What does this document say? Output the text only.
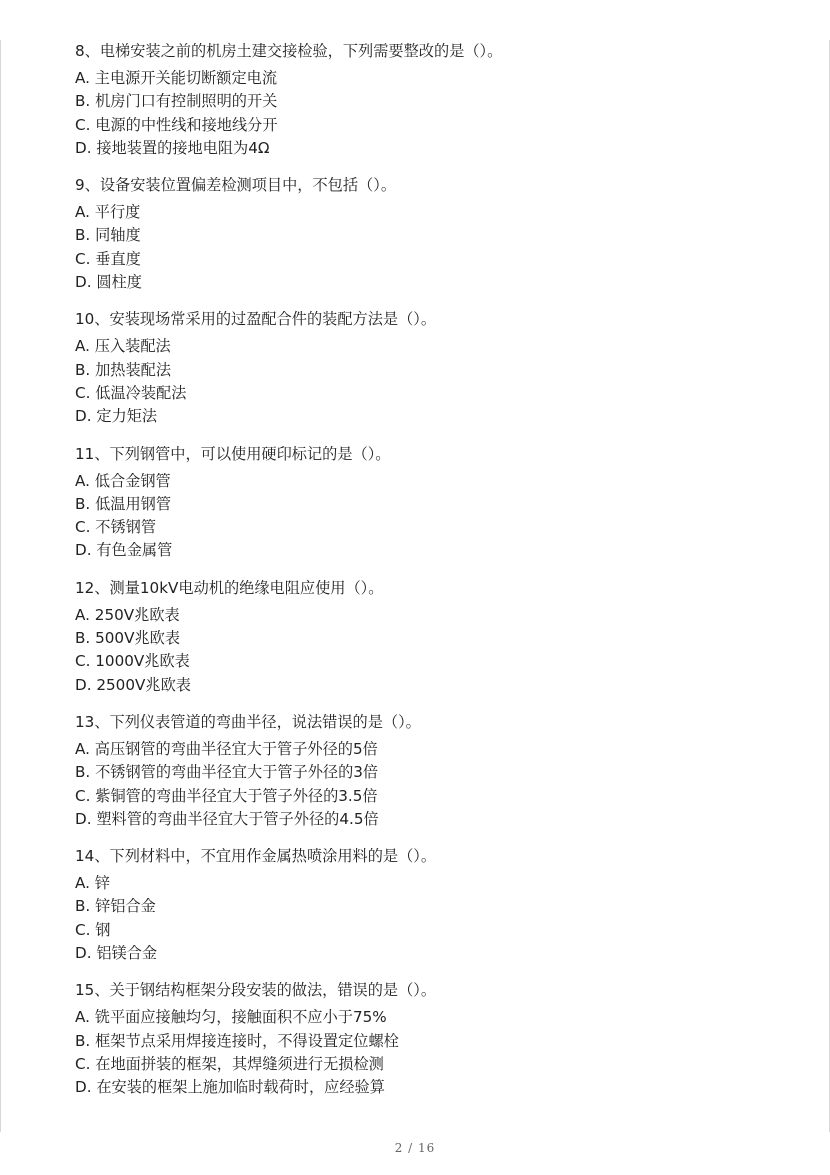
8、电梯安装之前的机房土建交接检验，下列需要整改的是（）。
A. 主电源开关能切断额定电流
B. 机房门口有控制照明的开关
C. 电源的中性线和接地线分开
D. 接地装置的接地电阻为4Ω
9、设备安装位置偏差检测项目中，不包括（）。
A. 平行度
B. 同轴度
C. 垂直度
D. 圆柱度
10、安装现场常采用的过盈配合件的装配方法是（）。
A. 压入装配法
B. 加热装配法
C. 低温冷装配法
D. 定力矩法
11、下列钢管中，可以使用硬印标记的是（）。
A. 低合金钢管
B. 低温用钢管
C. 不锈钢管
D. 有色金属管
12、测量10kV电动机的绝缘电阻应使用（）。
A. 250V兆欧表
B. 500V兆欧表
C. 1000V兆欧表
D. 2500V兆欧表
13、下列仪表管道的弯曲半径，说法错误的是（）。
A. 高压钢管的弯曲半径宜大于管子外径的5倍
B. 不锈钢管的弯曲半径宜大于管子外径的3倍
C. 紫铜管的弯曲半径宜大于管子外径的3.5倍
D. 塑料管的弯曲半径宜大于管子外径的4.5倍
14、下列材料中，不宜用作金属热喷涂用料的是（）。
A. 锌
B. 锌铝合金
C. 钢
D. 铝镁合金
15、关于钢结构框架分段安装的做法，错误的是（）。
A. 铣平面应接触均匀，接触面积不应小于75%
B. 框架节点采用焊接连接时，不得设置定位螺栓
C. 在地面拼装的框架，其焊缝须进行无损检测
D. 在安装的框架上施加临时载荷时，应经验算
2 / 16
